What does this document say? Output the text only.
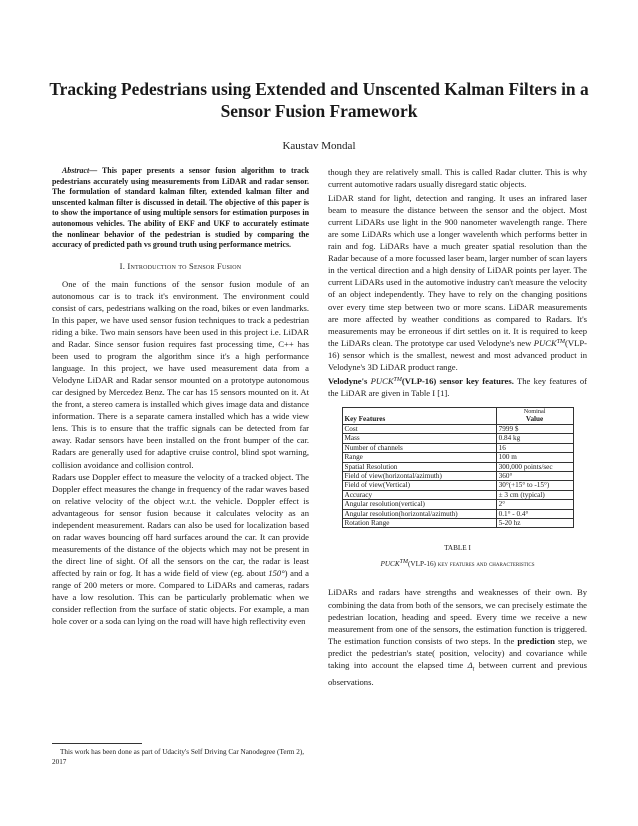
Tracking Pedestrians using Extended and Unscented Kalman Filters in a Sensor Fusion Framework
Kaustav Mondal

Abstract— This paper presents a sensor fusion algorithm to track pedestrians accurately using measurements from LiDAR and radar sensor. The formulation of standard kalman filter, extended kalman filter and unscented kalman filter is discussed in detail. The objective of this paper is to show the importance of using multiple sensors for estimation purposes in autonomous vehicles. The ability of EKF and UKF to accurately estimate the nonlinear behavior of the pedestrian is studied by comparing the accuracy of predicted path vs ground truth using performance metrics.

I. Introduction to Sensor Fusion

One of the main functions of the sensor fusion module of an autonomous car is to track it's environment. The environment could consist of cars, pedestrians walking on the road, bikes or even landmarks. In this paper, we have used sensor fusion techniques to track a pedestrian riding a bike. Two main sensors have been used in this project i.e. LiDAR and Radar. Since sensor fusion requires fast processing time, C++ has been used to program the algorithm since it's a high performance language. In this project, we have used measurement data from a Velodyne LiDAR and Radar sensor mounted on a prototype autonomous car designed by Mercedez Benz. The car has 15 sensors mounted on it. At the front, a stereo camera is installed which gives image data and distance information. There is a separate camera installed which has a wide view lens. This is to ensure that the traffic signals can be detected from far away. Radar sensors have been installed on the front bumper of the car. Radars are generally used for adaptive cruise control, blind spot warning, collision avoidance and collision control.

Radars use Doppler effect to measure the velocity of a tracked object. The Doppler effect measures the change in frequency of the radar waves based on relative velocity of the object w.r.t. the vehicle. Doppler effect is advantageous for sensor fusion because it calculates velocity as an independent measurement. Radars can also be used for localization based on radar waves bouncing off hard surfaces around the car. It can provide measurements of the distance of the objects which may not be present in the direct line of sight. Of all the sensors on the car, the radar is least affected by rain or fog. It has a wide field of view (eg. about 150°) and a range of 200 meters or more. Compared to LiDARs and cameras, radars have a low resolution. This can be particularly problematic when we consider reflection from the surface of static objects. For example, a man hole cover or a soda can lying on the road will have high reflectivity even

This work has been done as part of Udacity's Self Driving Car Nanodegree (Term 2), 2017

though they are relatively small. This is called Radar clutter. This is why current automotive radars usually disregard static objects.

LiDAR stand for light, detection and ranging. It uses an infrared laser beam to measure the distance between the sensor and the object. Most current LiDARs use light in the 900 nanometer wavelength range. There are some LiDARs which use a longer wavelenth which performs better in rain and fog. LiDARs have a much greater spatial resolution than the Radar because of a more focussed laser beam, larger number of scan layers in the vertical direction and a high density of LiDAR points per layer. The current LiDARs used in the automotive industry can't measure the velocity of an object independently. They have to rely on the changing positions over every time step between two or more scans. LiDAR measurements are more affected by weather conditions as compared to Radars. It's measurements may be erroneous if dirt settles on it. It is required to keep the LiDARs clean. The prototype car used Velodyne's new PUCK™(VLP-16) sensor which is the smallest, newest and most advanced product in Velodyne's 3D LiDAR product range.

Velodyne's PUCK™(VLP-16) sensor key features. The key features of the LiDAR are given in Table I [1].

Key Features	Nominal
Value
Cost	7999 $
Mass	0.84 kg
Number of channels	16
Range	100 m
Spatial Resolution	300,000 points/sec
Field of view(horizontal/azimuth)	360°
Field of view(Vertical)	30°(+15° to -15°)
Accuracy	± 3 cm (typical)
Angular resolution(vertical)	2°
Angular resolution(horizontal/azimuth)	0.1° - 0.4°
Rotation Range	5-20 hz
TABLE I
PUCK™(VLP-16) key features and characteristics

LiDARs and radars have strengths and weaknesses of their own. By combining the data from both of the sensors, we can precisely estimate the pedestrian location, heading and speed. Every time we receive a new measurement from one of the sensors, the estimation function is triggered. The estimation function consists of two steps. In the prediction step, we predict the pedestrian's state( position, velocity) and covariance while taking into account the elapsed time $\Delta_t$ between current and previous observations.
